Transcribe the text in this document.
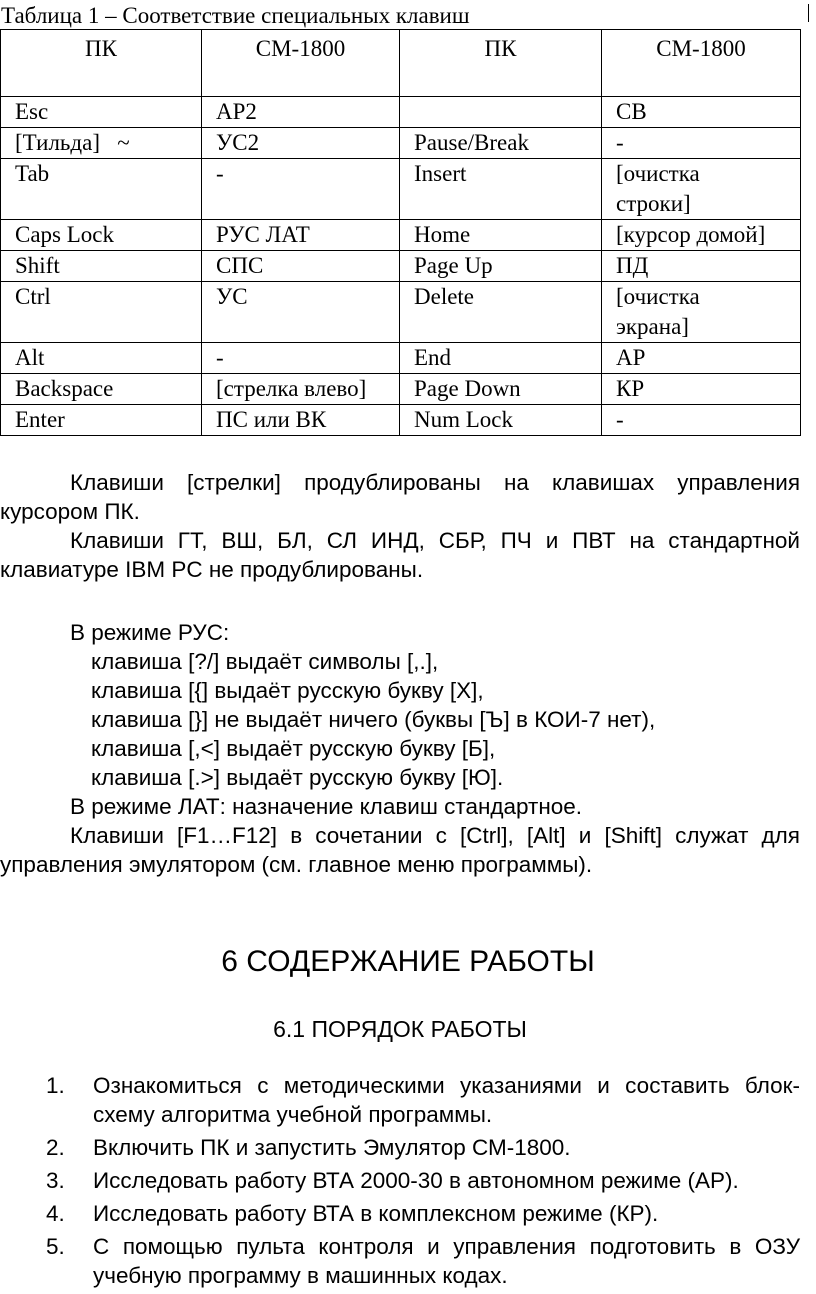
Таблица 1 – Соответствие специальных клавиш
ПК	СМ-1800	ПК	СМ-1800
Esc	АР2		СВ
[Тильда]   ~	УС2	Pause/Break	-
Tab	-	Insert	[очистка
строки]
Caps Lock	РУС ЛАТ	Home	[курсор домой]
Shift	СПС	Page Up	ПД
Ctrl	УС	Delete	[очистка
экрана]
Alt	-	End	АР
Backspace	[стрелка влево]	Page Down	КР
Enter	ПС или ВК	Num Lock	-
Клавиши [стрелки] продублированы на клавишах управления курсором ПК.
Клавиши ГТ, ВШ, БЛ, СЛ ИНД, СБР, ПЧ и ПВТ на стандартной клавиатуре IBM PC не продублированы.
В режиме РУС:
клавиша [?/] выдаёт символы [,.],
клавиша [{] выдаёт русскую букву [Х],
клавиша [}] не выдаёт ничего (буквы [Ъ] в КОИ-7 нет),
клавиша [,<] выдаёт русскую букву [Б],
клавиша [.>] выдаёт русскую букву [Ю].
В режиме ЛАТ: назначение клавиш стандартное.
Клавиши [F1…F12] в сочетании с [Ctrl], [Alt] и [Shift] служат для управления эмулятором (см. главное меню программы).
6 СОДЕРЖАНИЕ РАБОТЫ
6.1 ПОРЯДОК РАБОТЫ
1. Ознакомиться с методическими указаниями и составить блок-схему алгоритма учебной программы.
2. Включить ПК и запустить Эмулятор СМ-1800.
3. Исследовать работу ВТА 2000-30 в автономном режиме (АР).
4. Исследовать работу ВТА в комплексном режиме (КР).
5. С помощью пульта контроля и управления подготовить в ОЗУ учебную программу в машинных кодах.
